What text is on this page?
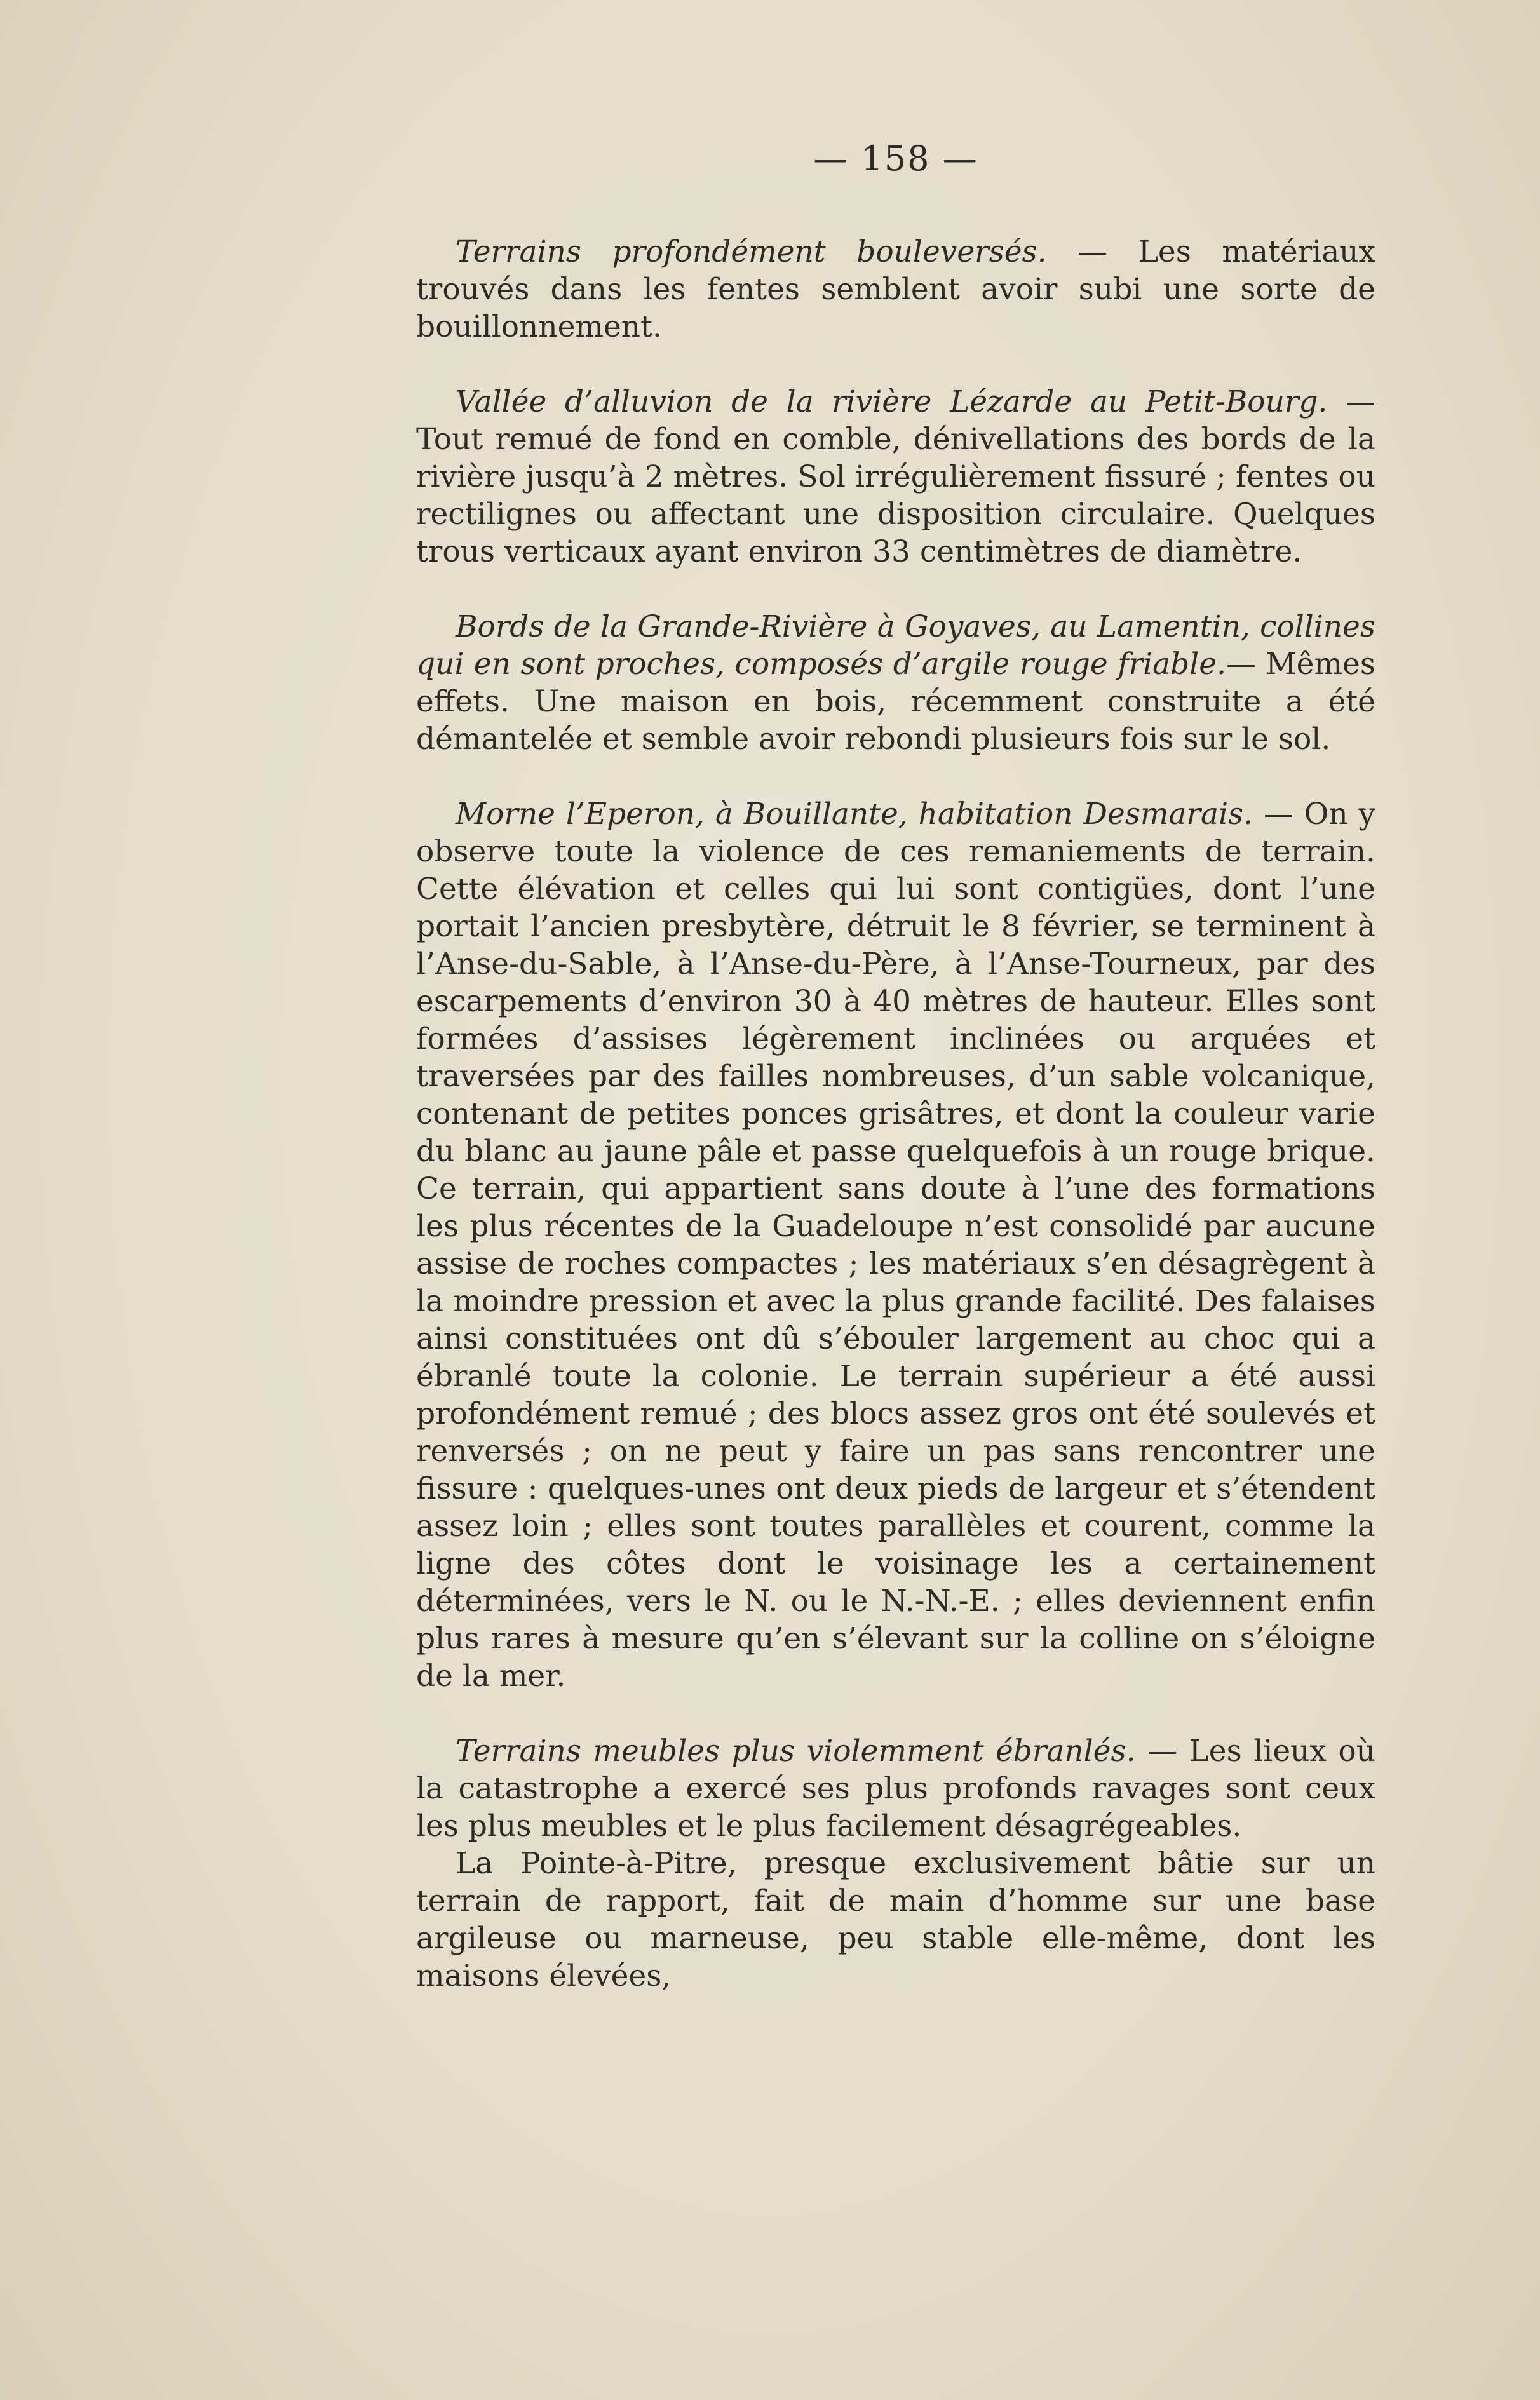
— 158 —

Terrains profondément bouleversés. — Les matériaux trouvés dans les fentes semblent avoir subi une sorte de bouillonnement.

Vallée d’alluvion de la rivière Lézarde au Petit-Bourg. — Tout remué de fond en comble, dénivellations des bords de la rivière jusqu’à 2 mètres. Sol irrégulièrement fissuré ; fentes ou rectilignes ou affectant une disposition circulaire. Quelques trous verticaux ayant environ 33 centimètres de diamètre.

Bords de la Grande-Rivière à Goyaves, au Lamentin, collines qui en sont proches, composés d’argile rouge friable.— Mêmes effets. Une maison en bois, récemment construite a été démantelée et semble avoir rebondi plusieurs fois sur le sol.

Morne l’Eperon, à Bouillante, habitation Desmarais. — On y observe toute la violence de ces remaniements de terrain. Cette élévation et celles qui lui sont contigües, dont l’une portait l’ancien presbytère, détruit le 8 février, se terminent à l’Anse-du-Sable, à l’Anse-du-Père, à l’Anse-Tourneux, par des escarpements d’environ 30 à 40 mètres de hauteur. Elles sont formées d’assises légèrement inclinées ou arquées et traversées par des failles nombreuses, d’un sable volcanique, contenant de petites ponces grisâtres, et dont la couleur varie du blanc au jaune pâle et passe quelquefois à un rouge brique. Ce terrain, qui appartient sans doute à l’une des formations les plus récentes de la Guadeloupe n’est consolidé par aucune assise de roches compactes ; les matériaux s’en désagrègent à la moindre pression et avec la plus grande facilité. Des falaises ainsi constituées ont dû s’ébouler largement au choc qui a ébranlé toute la colonie. Le terrain supérieur a été aussi profondément remué ; des blocs assez gros ont été soulevés et renversés ; on ne peut y faire un pas sans rencontrer une fissure : quelques-unes ont deux pieds de largeur et s’étendent assez loin ; elles sont toutes parallèles et courent, comme la ligne des côtes dont le voisinage les a certainement déterminées, vers le N. ou le N.-N.-E. ; elles deviennent enfin plus rares à mesure qu’en s’élevant sur la colline on s’éloigne de la mer.

Terrains meubles plus violemment ébranlés. — Les lieux où la catastrophe a exercé ses plus profonds ravages sont ceux les plus meubles et le plus facilement désagrégeables.

La Pointe-à-Pitre, presque exclusivement bâtie sur un terrain de rapport, fait de main d’homme sur une base argileuse ou marneuse, peu stable elle-même, dont les maisons élevées,
